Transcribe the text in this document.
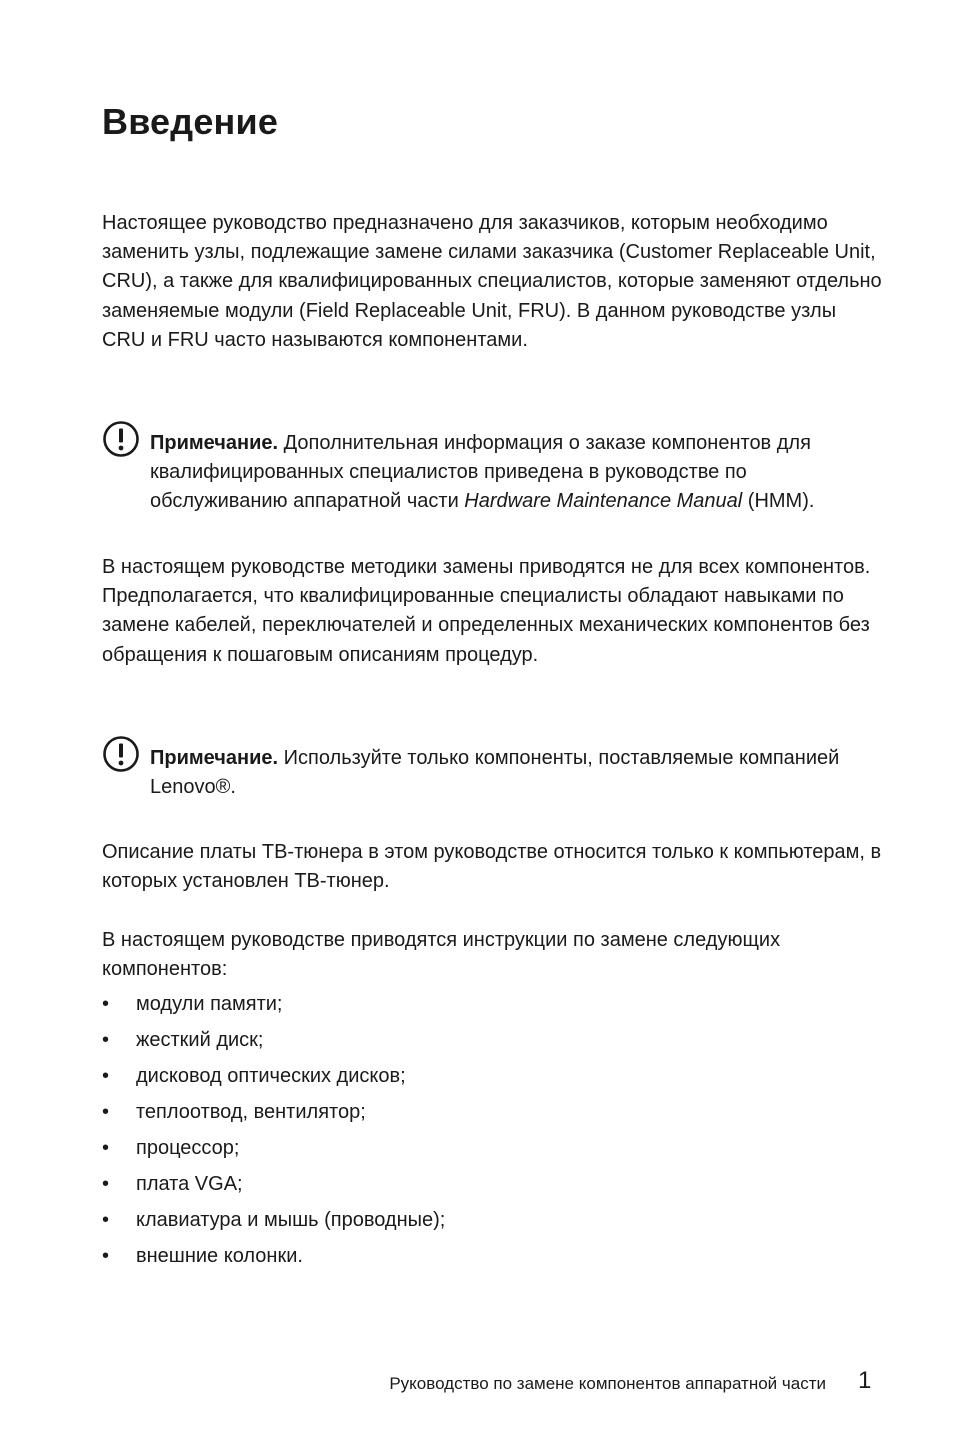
Введение

Настоящее руководство предназначено для заказчиков, которым необходимо заменить узлы, подлежащие замене силами заказчика (Customer Replaceable Unit, CRU), а также для квалифицированных специалистов, которые заменяют отдельно заменяемые модули (Field Replaceable Unit, FRU). В данном руководстве узлы CRU и FRU часто называются компонентами.

Примечание. Дополнительная информация о заказе компонентов для квалифицированных специалистов приведена в руководстве по обслуживанию аппаратной части Hardware Maintenance Manual (HMM).

В настоящем руководстве методики замены приводятся не для всех компонентов. Предполагается, что квалифицированные специалисты обладают навыками по замене кабелей, переключателей и определенных механических компонентов без обращения к пошаговым описаниям процедур.

Примечание. Используйте только компоненты, поставляемые компанией Lenovo®.

Описание платы ТВ-тюнера в этом руководстве относится только к компьютерам, в которых установлен ТВ-тюнер.

В настоящем руководстве приводятся инструкции по замене следующих компонентов:

•	модули памяти;
•	жесткий диск;
•	дисковод оптических дисков;
•	теплоотвод, вентилятор;
•	процессор;
•	плата VGA;
•	клавиатура и мышь (проводные);
•	внешние колонки.
Руководство по замене компонентов аппаратной части 1
